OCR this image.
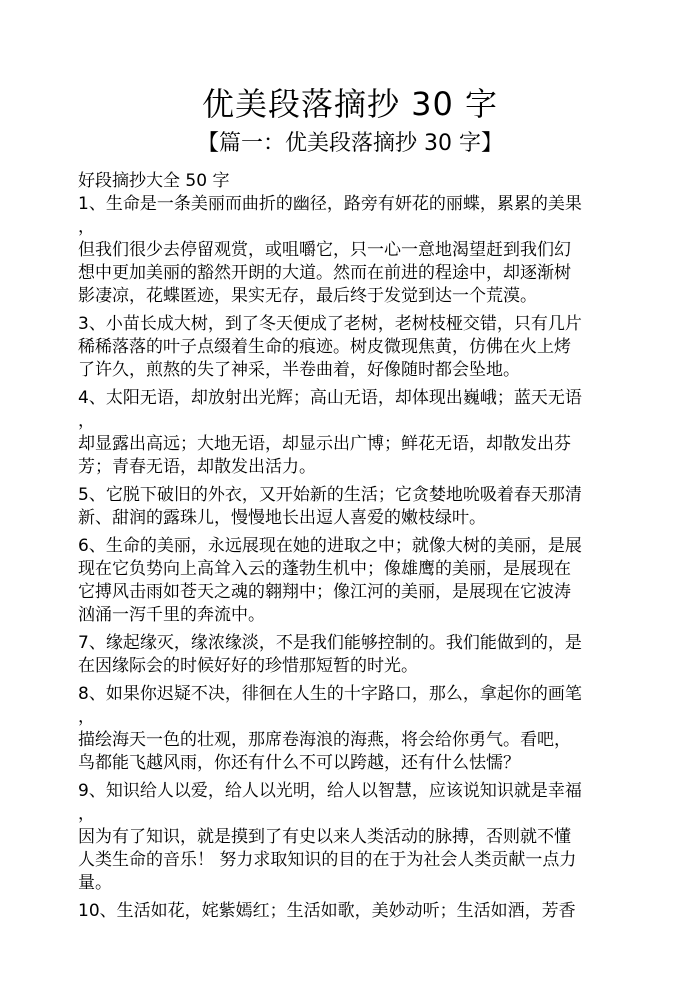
优美段落摘抄 30 字
【篇一：优美段落摘抄 30 字】
好段摘抄大全 50 字
1、生命是一条美丽而曲折的幽径，路旁有妍花的丽蝶，累累的美果
，
但我们很少去停留观赏，或咀嚼它，只一心一意地渴望赶到我们幻
想中更加美丽的豁然开朗的大道。然而在前进的程途中，却逐渐树
影凄凉，花蝶匿迹，果实无存，最后终于发觉到达一个荒漠。
3、小苗长成大树，到了冬天便成了老树，老树枝桠交错，只有几片
稀稀落落的叶子点缀着生命的痕迹。树皮微现焦黄，仿佛在火上烤
了许久，煎熬的失了神采，半卷曲着，好像随时都会坠地。
4、太阳无语，却放射出光辉；高山无语，却体现出巍峨；蓝天无语
，
却显露出高远；大地无语，却显示出广博；鲜花无语，却散发出芬
芳；青春无语，却散发出活力。
5、它脱下破旧的外衣，又开始新的生活；它贪婪地吮吸着春天那清
新、甜润的露珠儿，慢慢地长出逗人喜爱的嫩枝绿叶。
6、生命的美丽，永远展现在她的进取之中；就像大树的美丽，是展
现在它负势向上高耸入云的蓬勃生机中；像雄鹰的美丽，是展现在
它搏风击雨如苍天之魂的翱翔中；像江河的美丽，是展现在它波涛
汹涌一泻千里的奔流中。
7、缘起缘灭，缘浓缘淡，不是我们能够控制的。我们能做到的，是
在因缘际会的时候好好的珍惜那短暂的时光。
8、如果你迟疑不决，徘徊在人生的十字路口，那么，拿起你的画笔
，
描绘海天一色的壮观，那席卷海浪的海燕，将会给你勇气。看吧，
鸟都能飞越风雨，你还有什么不可以跨越，还有什么怯懦？
9、知识给人以爱，给人以光明，给人以智慧，应该说知识就是幸福
，
因为有了知识，就是摸到了有史以来人类活动的脉搏，否则就不懂
人类生命的音乐！ 努力求取知识的目的在于为社会人类贡献一点力
量。
10、生活如花，姹紫嫣红；生活如歌，美妙动听；生活如酒，芳香
